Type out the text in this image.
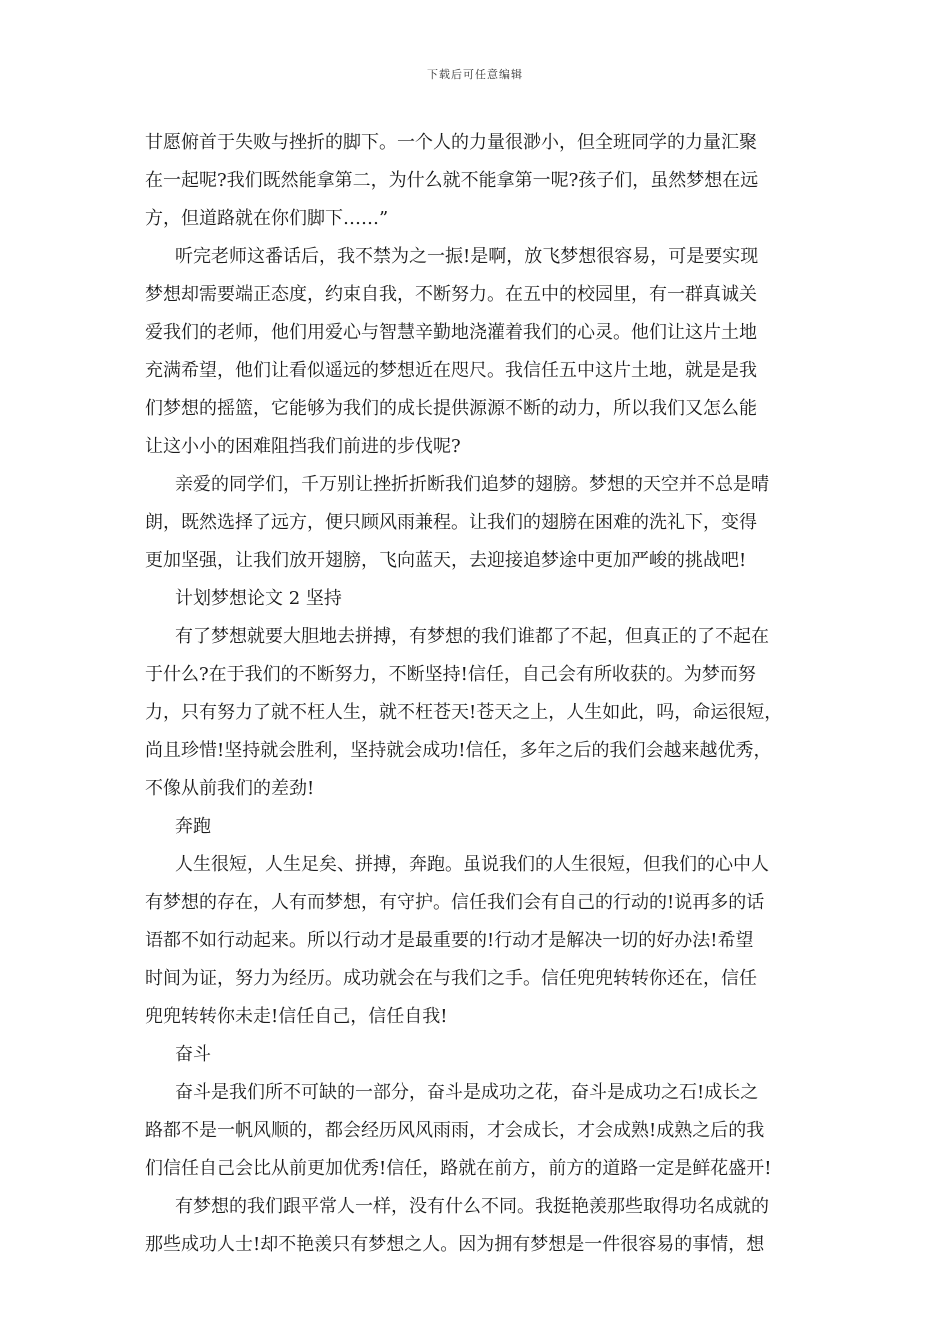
下载后可任意编辑
甘愿俯首于失败与挫折的脚下。一个人的力量很渺小，但全班同学的力量汇聚
在一起呢?我们既然能拿第二，为什么就不能拿第一呢?孩子们，虽然梦想在远
方，但道路就在你们脚下……”
听完老师这番话后，我不禁为之一振!是啊，放飞梦想很容易，可是要实现
梦想却需要端正态度，约束自我，不断努力。在五中的校园里，有一群真诚关
爱我们的老师，他们用爱心与智慧辛勤地浇灌着我们的心灵。他们让这片土地
充满希望，他们让看似遥远的梦想近在咫尺。我信任五中这片土地，就是是我
们梦想的摇篮，它能够为我们的成长提供源源不断的动力，所以我们又怎么能
让这小小的困难阻挡我们前进的步伐呢?
亲爱的同学们，千万别让挫折折断我们追梦的翅膀。梦想的天空并不总是晴
朗，既然选择了远方，便只顾风雨兼程。让我们的翅膀在困难的洗礼下，变得
更加坚强，让我们放开翅膀，飞向蓝天，去迎接追梦途中更加严峻的挑战吧!
计划梦想论文 2 坚持
有了梦想就要大胆地去拼搏，有梦想的我们谁都了不起，但真正的了不起在
于什么?在于我们的不断努力，不断坚持!信任，自己会有所收获的。为梦而努
力，只有努力了就不枉人生，就不枉苍天!苍天之上，人生如此，吗，命运很短，
尚且珍惜!坚持就会胜利，坚持就会成功!信任，多年之后的我们会越来越优秀，
不像从前我们的差劲!
奔跑
人生很短，人生足矣、拼搏，奔跑。虽说我们的人生很短，但我们的心中人
有梦想的存在，人有而梦想，有守护。信任我们会有自己的行动的!说再多的话
语都不如行动起来。所以行动才是最重要的!行动才是解决一切的好办法!希望
时间为证，努力为经历。成功就会在与我们之手。信任兜兜转转你还在，信任
兜兜转转你未走!信任自己，信任自我!
奋斗
奋斗是我们所不可缺的一部分，奋斗是成功之花，奋斗是成功之石!成长之
路都不是一帆风顺的，都会经历风风雨雨，才会成长，才会成熟!成熟之后的我
们信任自己会比从前更加优秀!信任，路就在前方，前方的道路一定是鲜花盛开!
有梦想的我们跟平常人一样，没有什么不同。我挺艳羡那些取得功名成就的
那些成功人士!却不艳羡只有梦想之人。因为拥有梦想是一件很容易的事情，想
